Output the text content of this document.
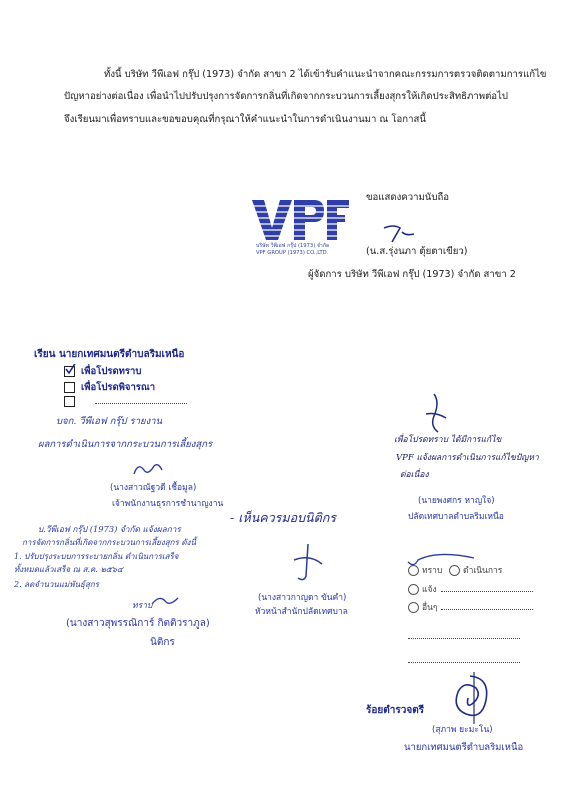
ทั้งนี้ บริษัท วีพีเอฟ กรุ๊ป (1973) จำกัด สาขา 2 ได้เข้ารับคำแนะนำจากคณะกรรมการตรวจติดตามการแก้ไข
ปัญหาอย่างต่อเนื่อง เพื่อนำไปปรับปรุงการจัดการกลิ่นที่เกิดจากกระบวนการเลี้ยงสุกรให้เกิดประสิทธิภาพต่อไป
จึงเรียนมาเพื่อทราบและขอขอบคุณที่กรุณาให้คำแนะนำในการดำเนินงานมา ณ โอกาสนี้
ขอแสดงความนับถือ
บริษัท วีพีเอฟ กรุ๊ป (1973) จำกัด
VPF GROUP (1973) CO.,LTD.	(น.ส.รุ่งนภา ตุ้ยตาเขียว)
ผู้จัดการ บริษัท วีพีเอฟ กรุ๊ป (1973) จำกัด สาขา 2
เรียน นายกเทศมนตรีตำบลริมเหนือ
เพื่อโปรดทราบ
เพื่อโปรดพิจารณา
บจก. วีพีเอฟ กรุ๊ป รายงาน
ผลการดำเนินการจากกระบวนการเลี้ยงสุกร
(นางสาวณัฐวดี เชื้อมูล)
เจ้าพนักงานธุรการชำนาญงาน
บ.วีพีเอฟ กรุ๊ป (1973) จำกัด แจ้งผลการ
การจัดการกลิ่นที่เกิดจากกระบวนการเลี้ยงสุกร ดังนี้
1. ปรับปรุงระบบการระบายกลิ่น ดำเนินการเสร็จ
ทั้งหมดแล้วเสร็จ ณ ส.ค. ๒๕๖๔
2. ลดจำนวนแม่พันธุ์สุกร
ทราบ
(นางสาวสุพรรณิการ์ กิตติวราภูล)
นิติกร
- เห็นควรมอบนิติกร
(นางสาวกาญดา ขันคำ)
หัวหน้าสำนักปลัดเทศบาล
เพื่อโปรดทราบ ได้มีการแก้ไข
VPF แจ้งผลการดำเนินการแก้ไขปัญหา
ต่อเนื่อง
(นายพงศกร หาญใจ)
ปลัดเทศบาลตำบลริมเหนือ
ทราบ ดำเนินการ
แจ้ง
อื่นๆ
ร้อยตำรวจตรี
(สุภาพ ยะมะโน)
นายกเทศมนตรีตำบลริมเหนือ
